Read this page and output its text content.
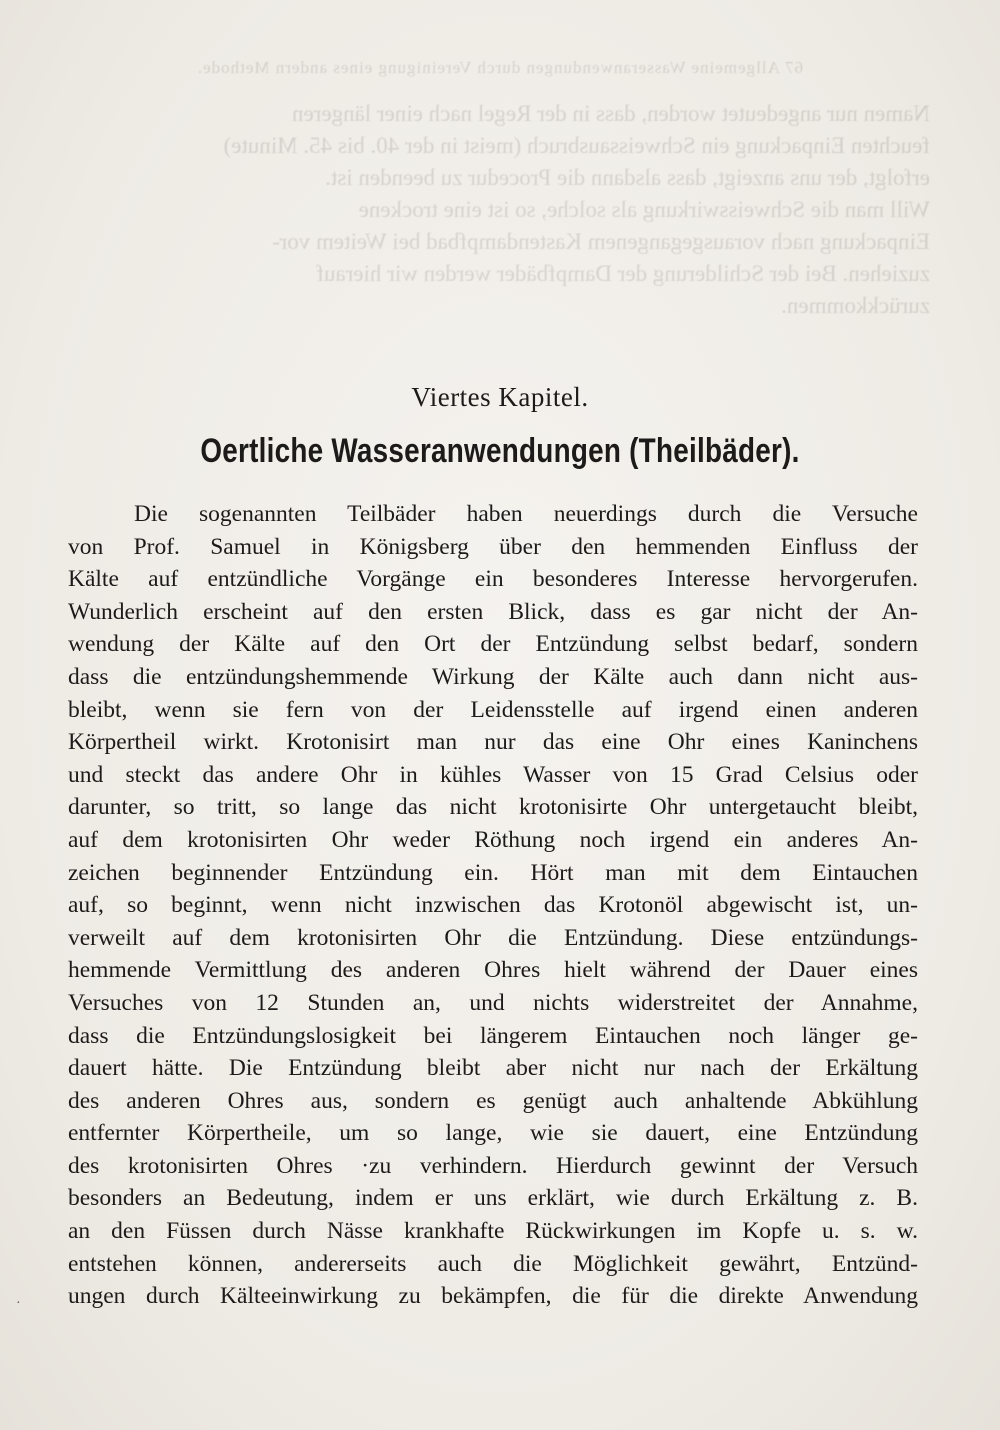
67 Allgemeine Wasseranwendungen durch Vereinigung eines andern Methode.

Namen nur angedeutet worden, dass in der Regel nach einer längeren

feuchten Einpackung ein Schweissausbruch (meist in der 40. bis 45. Minute)

erfolgt, der uns anzeigt, dass alsdann die Procedur zu beenden ist.

Will man die Schweisswirkung als solche, so ist eine trockene

Einpackung nach vorausgegangenem Kastendampfbad bei Weitem vor-

zuziehen. Bei der Schilderung der Dampfbäder werden wir hierauf

zurückkommen.

Viertes Kapitel.
Oertliche Wasseranwendungen (Theilbäder).
Die sogenannten Teilbäder haben neuerdings durch die Versuche
von Prof. Samuel in Königsberg über den hemmenden Einfluss der
Kälte auf entzündliche Vorgänge ein besonderes Interesse hervorgerufen.
Wunderlich erscheint auf den ersten Blick, dass es gar nicht der An-
wendung der Kälte auf den Ort der Entzündung selbst bedarf, sondern
dass die entzündungshemmende Wirkung der Kälte auch dann nicht aus-
bleibt, wenn sie fern von der Leidensstelle auf irgend einen anderen
Körpertheil wirkt. Krotonisirt man nur das eine Ohr eines Kaninchens
und steckt das andere Ohr in kühles Wasser von 15 Grad Celsius oder
darunter, so tritt, so lange das nicht krotonisirte Ohr untergetaucht bleibt,
auf dem krotonisirten Ohr weder Röthung noch irgend ein anderes An-
zeichen beginnender Entzündung ein. Hört man mit dem Eintauchen
auf, so beginnt, wenn nicht inzwischen das Krotonöl abgewischt ist, un-
verweilt auf dem krotonisirten Ohr die Entzündung. Diese entzündungs-
hemmende Vermittlung des anderen Ohres hielt während der Dauer eines
Versuches von 12 Stunden an, und nichts widerstreitet der Annahme,
dass die Entzündungslosigkeit bei längerem Eintauchen noch länger ge-
dauert hätte. Die Entzündung bleibt aber nicht nur nach der Erkältung
des anderen Ohres aus, sondern es genügt auch anhaltende Abkühlung
entfernter Körpertheile, um so lange, wie sie dauert, eine Entzündung
des krotonisirten Ohres ·zu verhindern. Hierdurch gewinnt der Versuch
besonders an Bedeutung, indem er uns erklärt, wie durch Erkältung z. B.
an den Füssen durch Nässe krankhafte Rückwirkungen im Kopfe u. s. w.
entstehen können, andererseits auch die Möglichkeit gewährt, Entzünd-
ungen durch Kälteeinwirkung zu bekämpfen, die für die direkte Anwendung
·
